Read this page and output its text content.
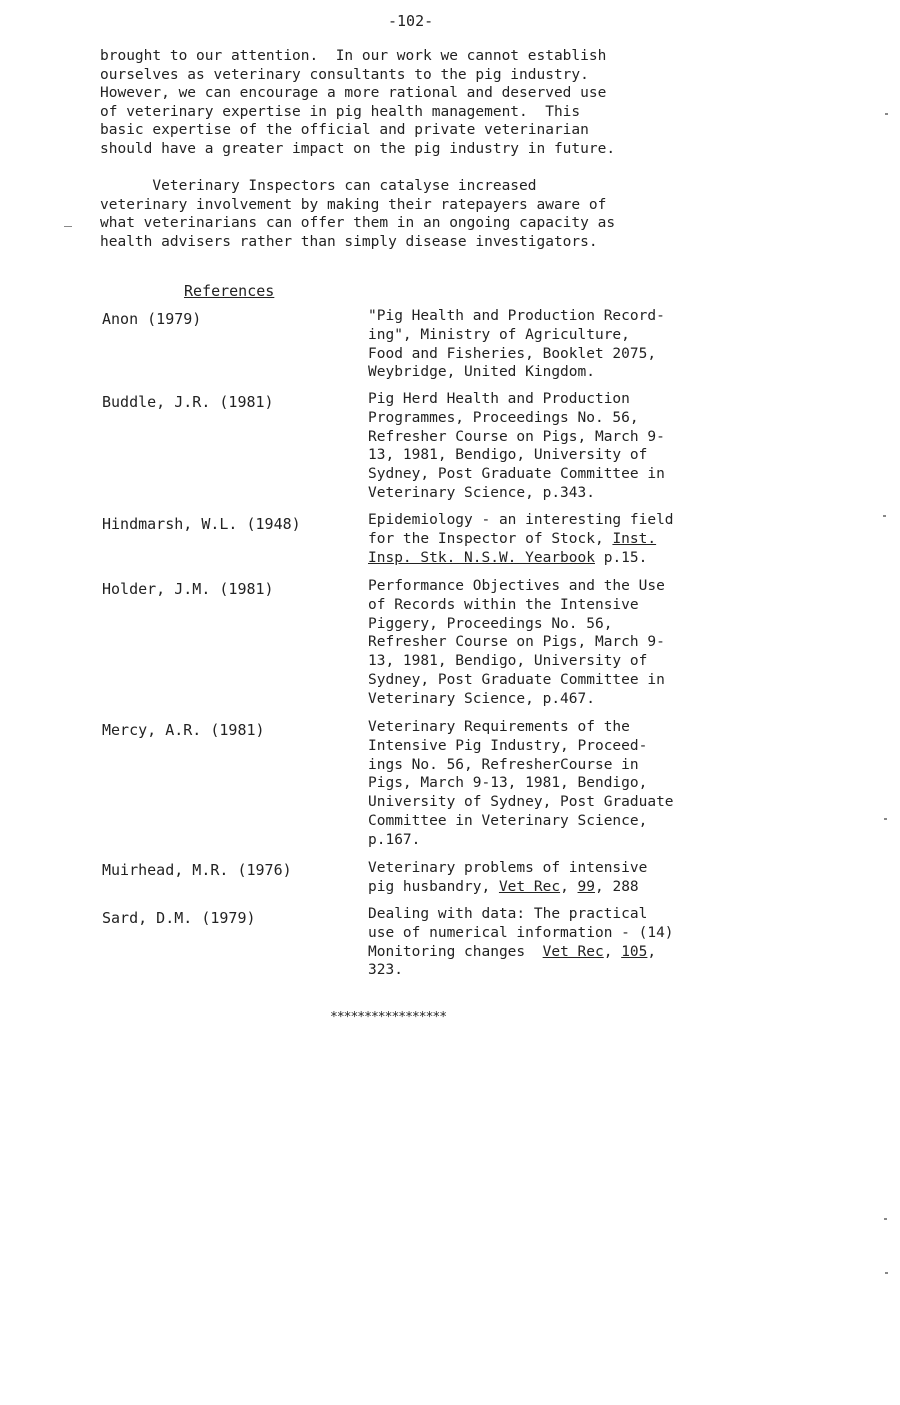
-102-
brought to our attention.  In our work we cannot establish
ourselves as veterinary consultants to the pig industry.
However, we can encourage a more rational and deserved use
of veterinary expertise in pig health management.  This
basic expertise of the official and private veterinarian
should have a greater impact on the pig industry in future.
Veterinary Inspectors can catalyse increased
veterinary involvement by making their ratepayers aware of
what veterinarians can offer them in an ongoing capacity as
health advisers rather than simply disease investigators.
References
Anon (1979)	"Pig Health and Production Record-
ing", Ministry of Agriculture,
Food and Fisheries, Booklet 2075,
Weybridge, United Kingdom.
Buddle, J.R. (1981)	Pig Herd Health and Production
Programmes, Proceedings No. 56,
Refresher Course on Pigs, March 9-
13, 1981, Bendigo, University of
Sydney, Post Graduate Committee in
Veterinary Science, p.343.
Hindmarsh, W.L. (1948)	Epidemiology - an interesting field
for the Inspector of Stock, Inst.
Insp. Stk. N.S.W. Yearbook p.15.
Holder, J.M. (1981)	Performance Objectives and the Use
of Records within the Intensive
Piggery, Proceedings No. 56,
Refresher Course on Pigs, March 9-
13, 1981, Bendigo, University of
Sydney, Post Graduate Committee in
Veterinary Science, p.467.
Mercy, A.R. (1981)	Veterinary Requirements of the
Intensive Pig Industry, Proceed-
ings No. 56, RefresherCourse in
Pigs, March 9-13, 1981, Bendigo,
University of Sydney, Post Graduate
Committee in Veterinary Science,
p.167.
Muirhead, M.R. (1976)	Veterinary problems of intensive
pig husbandry, Vet Rec, 99, 288
Sard, D.M. (1979)	Dealing with data: The practical
use of numerical information - (14)
Monitoring changes  Vet Rec, 105,
323.
*****************
